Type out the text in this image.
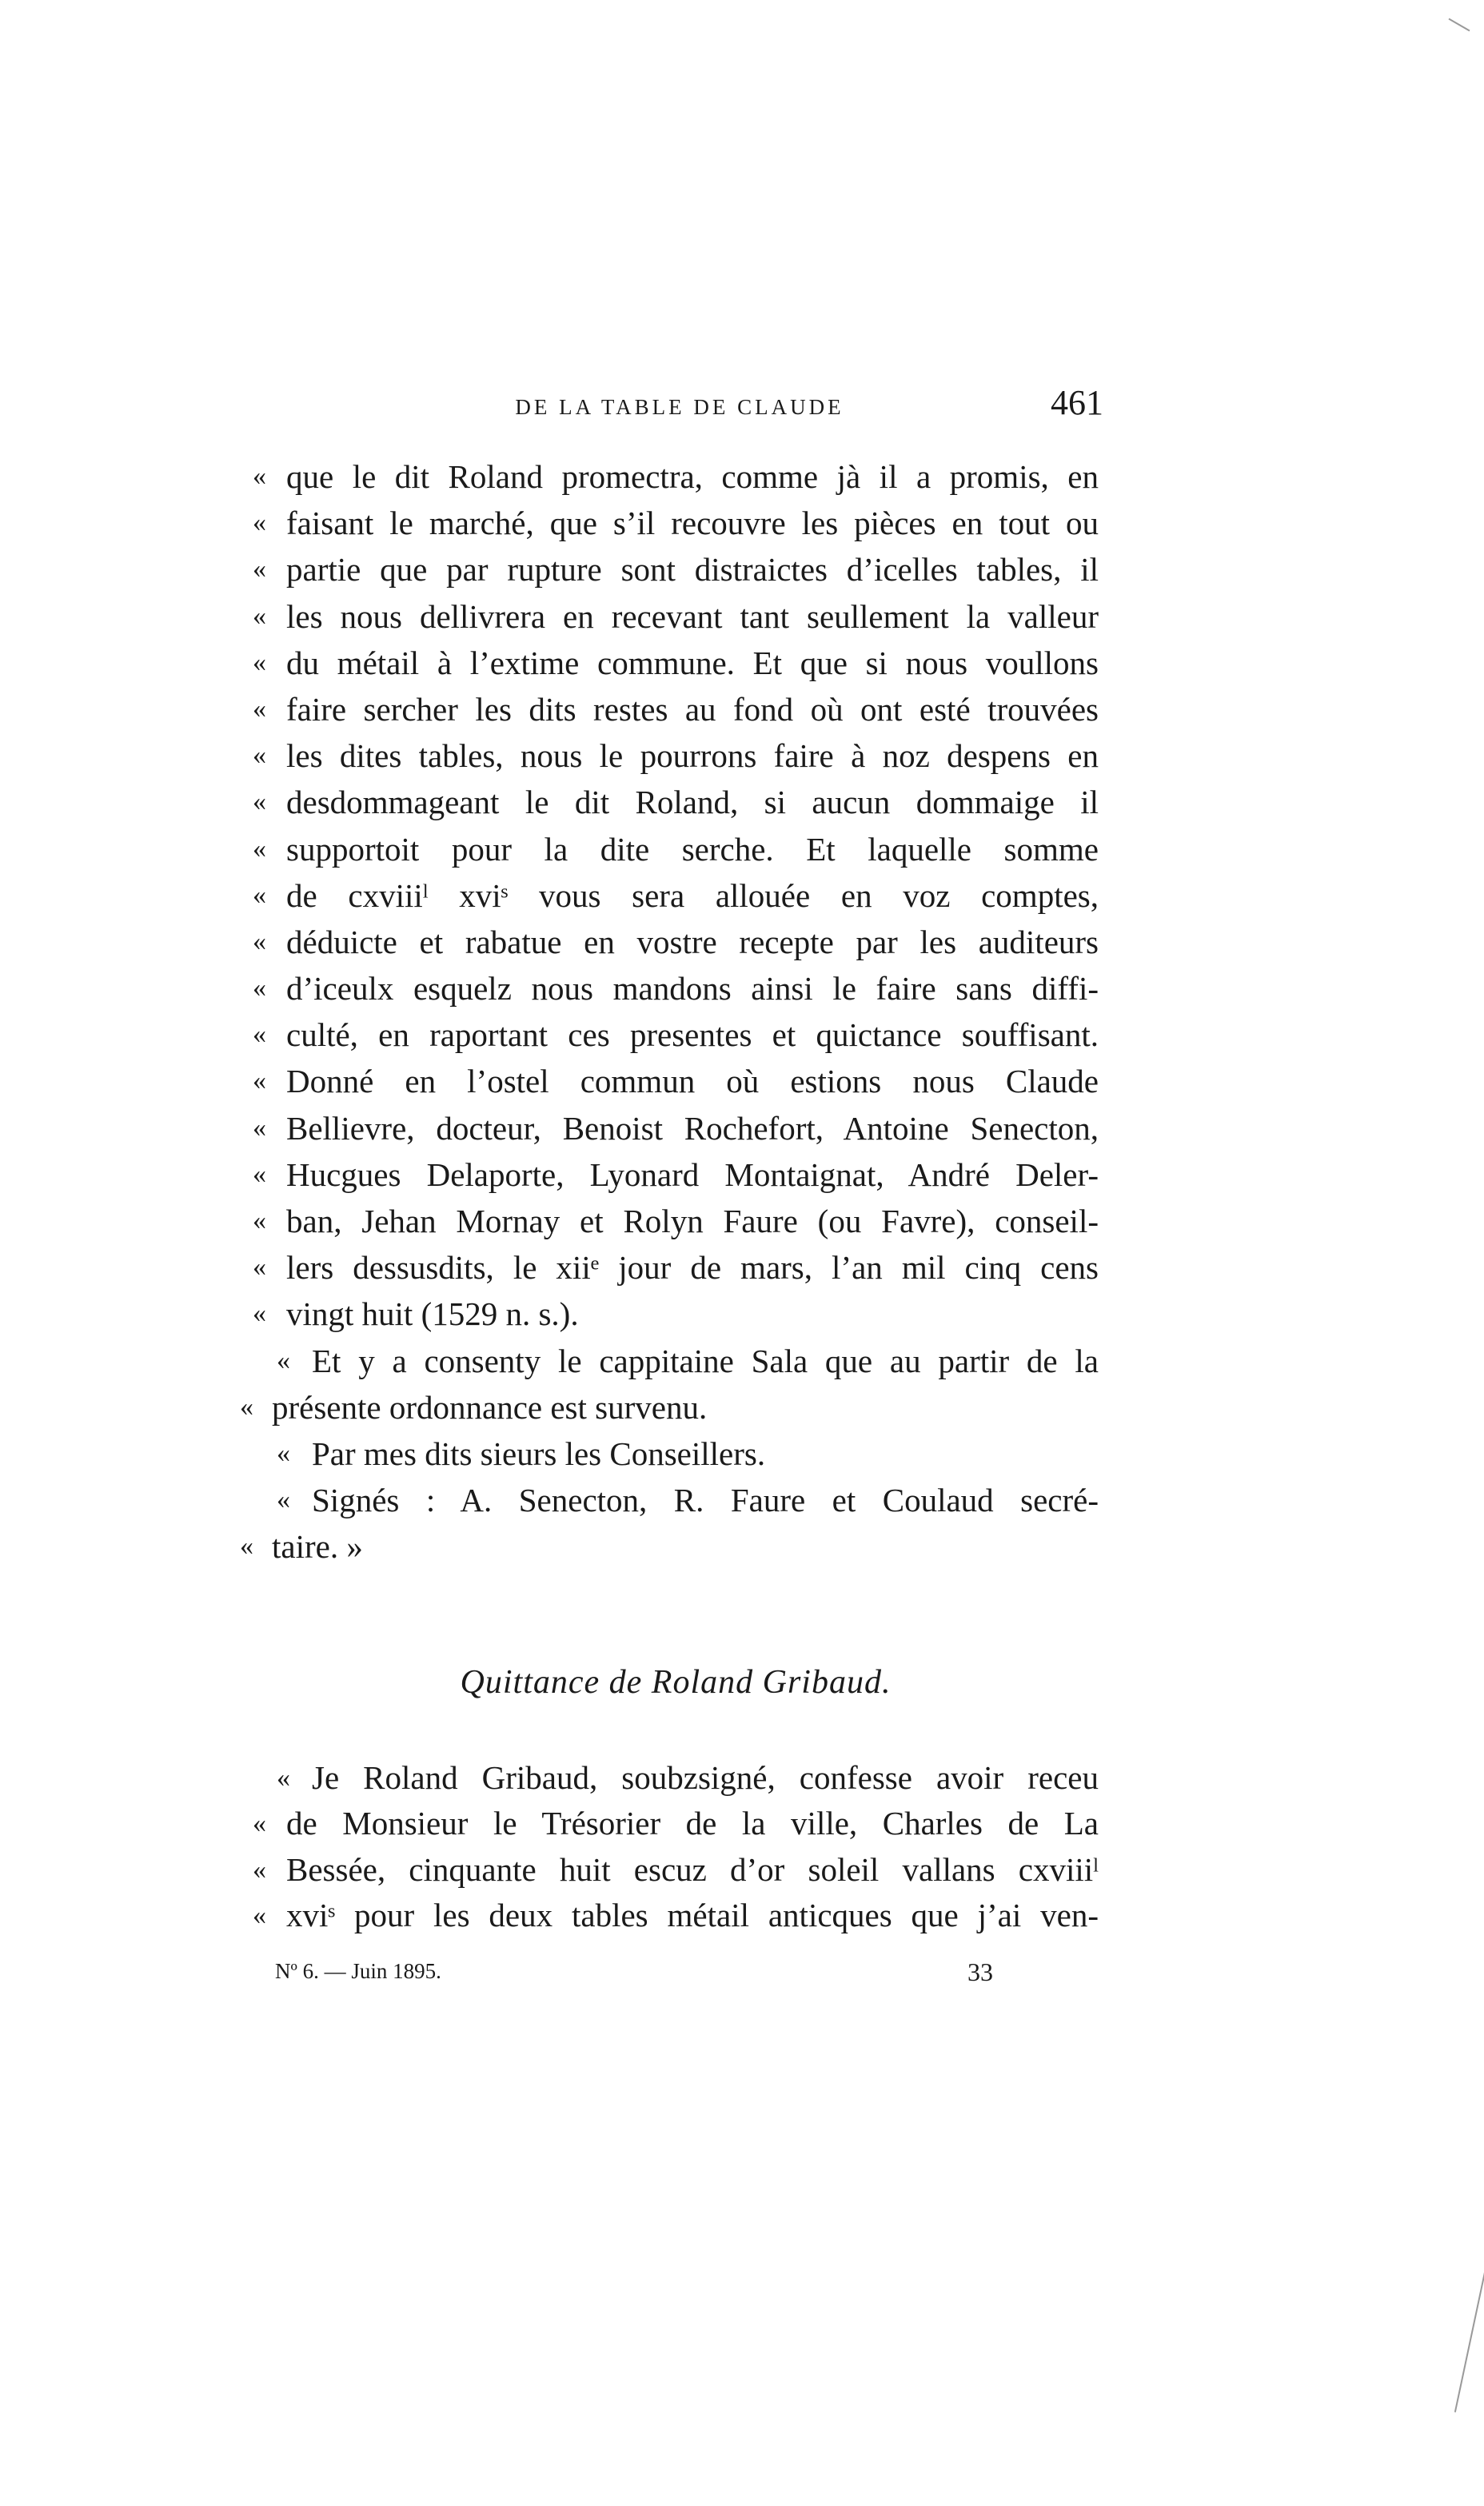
DE LA TABLE DE CLAUDE	461
« que le dit Roland promectra, comme jà il a promis, en
« faisant le marché, que s’il recouvre les pièces en tout ou
« partie que par rupture sont distraictes d’icelles tables, il
« les nous dellivrera en recevant tant seullement la valleur
« du métail à l’extime commune. Et que si nous voullons
« faire sercher les dits restes au fond où ont esté trouvées
« les dites tables, nous le pourrons faire à noz despens en
« desdommageant le dit Roland, si aucun dommaige il
« supportoit pour la dite serche. Et laquelle somme
« de cxviiiˡ xviˢ vous sera allouée en voz comptes,
« déduicte et rabatue en vostre recepte par les auditeurs
« d’iceulx esquelz nous mandons ainsi le faire sans diffi-
« culté, en raportant ces presentes et quictance souffisant.
« Donné en l’ostel commun où estions nous Claude
« Bellievre, docteur, Benoist Rochefort, Antoine Senecton,
« Hucgues Delaporte, Lyonard Montaignat, André Deler-
« ban, Jehan Mornay et Rolyn Faure (ou Favre), conseil-
« lers dessusdits, le xiiᵉ jour de mars, l’an mil cinq cens
« vingt huit (1529 n. s.).
« Et y a consenty le cappitaine Sala que au partir de la
« présente ordonnance est survenu.
« Par mes dits sieurs les Conseillers.
« Signés : A. Senecton, R. Faure et Coulaud secré-
« taire. »
Quittance de Roland Gribaud.
« Je Roland Gribaud, soubzsigné, confesse avoir receu
« de Monsieur le Trésorier de la ville, Charles de La
« Bessée, cinquante huit escuz d’or soleil vallans cxviiiˡ
« xviˢ pour les deux tables métail anticques que j’ai ven-
Nº 6. — Juin 1895.	33
